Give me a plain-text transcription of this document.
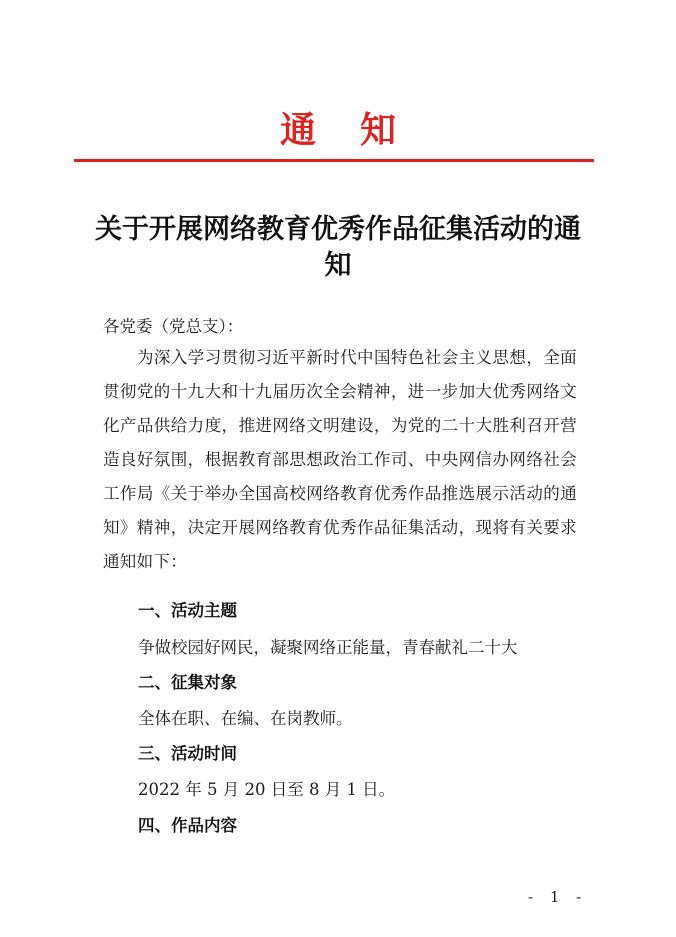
通知
关于开展网络教育优秀作品征集活动的通知
各党委（党总支）：
为深入学习贯彻习近平新时代中国特色社会主义思想，全面贯彻党的十九大和十九届历次全会精神，进一步加大优秀网络文化产品供给力度，推进网络文明建设，为党的二十大胜利召开营造良好氛围，根据教育部思想政治工作司、中央网信办网络社会工作局《关于举办全国高校网络教育优秀作品推选展示活动的通知》精神，决定开展网络教育优秀作品征集活动，现将有关要求通知如下：
一、活动主题
争做校园好网民，凝聚网络正能量，青春献礼二十大
二、征集对象
全体在职、在编、在岗教师。
三、活动时间
2022 年 5 月 20 日至 8 月 1 日。
四、作品内容
- 1 -
